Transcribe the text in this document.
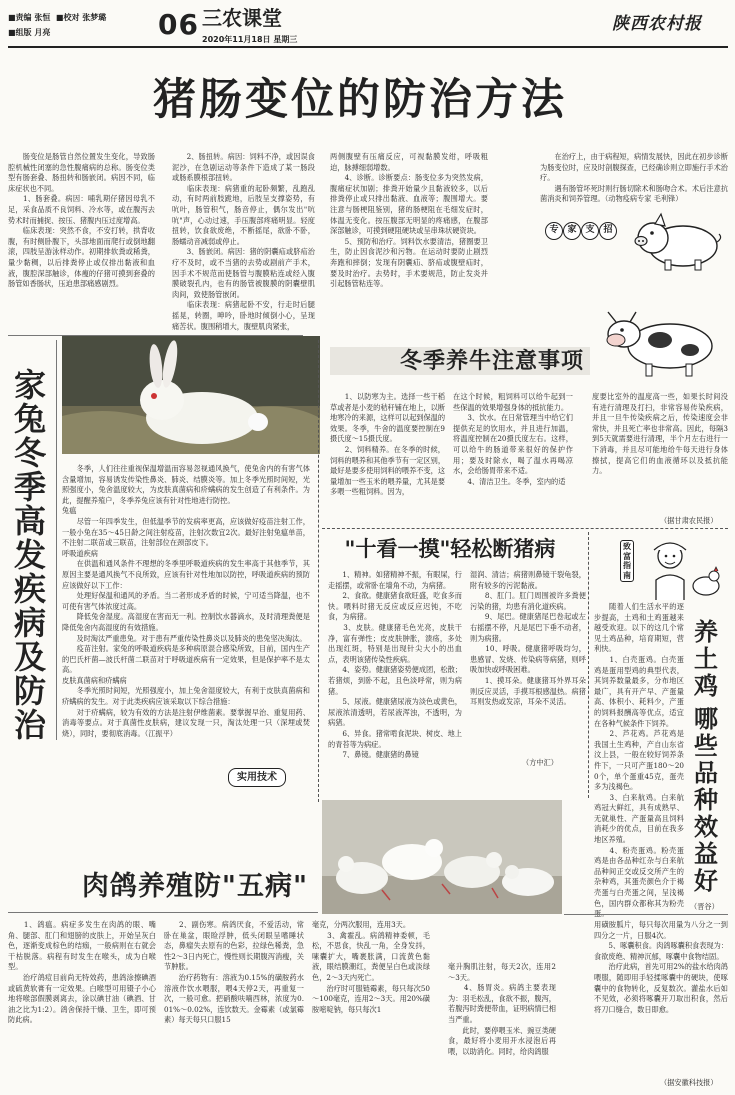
■责编 张恒 ■校对 张梦璐
■组版 月亮	06 三农课堂
2020年11月18日 星期三
陕西农村报
猪肠变位的防治方法
　　肠变位是肠管自然位置发生变化，导致肠腔机械性闭塞的急性腹痛病的总称。肠变位类型有肠套叠、肠扭转和肠嵌闭。病因不同，临床症状也不同。
　　1、肠套叠。病因：哺乳期仔猪因母乳不足，采食品质不良饲料、冷水等，或在腹泻去势术时而捕捉、按压、猪腹内压过度增高。
　　临床表现：突然不食，不安打转，拱背收腹，有时侧卧腹下，头部地面而爬行或倒地翻滚，四肢呈游泳样动作。初期排软粪或稀粪，量少黏稠，以后排粪停止或仅排出黏液和血液，腹腔深部触诊，体瘦的仔猪可摸到套叠的肠管如香肠状，压迫患部痛感剧烈。
　　2、肠扭转。病因：饲料不净，或因误食泥沙，在急剧运动等条件下造成了某一肠段或肠系膜根部扭转。
　　临床表现：病猪重的起卧频繁，乱跑乱动，有时两前肢跪地，后肢呈支撑姿势，有吭叶，肠管积气，肠音停止，偶尔发出"吭吭"声，心动过速，手压腹部疼痛明显。轻度扭转，饮食欲废绝，不断摇尾，欲卧不卧，肠蠕动音减弱或停止。
　　3、肠嵌闭。病因：猪的阴囊疝或脐疝治疗不及时，或不当猪的去势或剧前产手术，因手术不规范而使肠管与腹膜粘连或经入腹膜破裂孔内，也有的肠管被腹膜的阴囊壁肌肉间，致使肠管嵌闭。
　　临床表现：病猪起卧不安，行走时后腿摇晃，转圈，呻吟，卧地时倾倒小心，呈现痛苦状。腹围稍增大，腹壁肌肉紧张，
两侧腹壁有压痛反应，可视黏膜发绀，呼吸粗迫，脉搏细弱增数。
　　4、诊断。诊断要点：肠变位多为突然发病，腹痛症状加剧；排粪开始量少且黏液较多，以后排粪停止或只排出黏液、血液等；腹围增大。要注意与肠梗阻鉴别，猪的肠梗阻在毛细发症时，体温无变化。按压腹部无明显的疼痛感，在腹部深部触诊，可摸到硬阻硬块或呈串珠状硬资块。
　　5、预防和治疗。饲料饮水要清洁，猪圈要卫生，防止因食泥沙和污物。在运动时要防止剧烈奔跑和摔倒；发现有阴囊疝、脐疝或腹壁疝时，要及时治疗。去势时，手术要规范，防止发炎并引起肠管粘连等。
　　在治疗上，由于病程短，病情发展快，因此在初步诊断为肠变位时，应及时剖腹探查，已经确诊则立即施行手术治疗。
　　遇有肠管坏死时则行肠切除术和肠吻合术。术后注意抗菌消炎和饲养管理。（动物疫病专家 毛利锋）
专 家 支 招
家
兔
冬
季
高
发
疾
病
及
防
治
　　冬季，人们往往重视保温增温而容易忽视通风换气，使兔舍内的有害气体含量增加，容易诱发传染性鼻炎、肺炎、结膜炎等。加上冬季光照时间短，光照强度小，兔舍温度较大，为皮肤真菌病和疥螨病的发生创造了有利条件。为此，提醒养殖户，冬季养兔应该有针对性地进行防控。
兔瘟
　　尽管一年四季发生，但低温季节的发病率更高，应该做好疫苗注射工作，一般小兔在35～45日龄之间注射疫苗，注射次数宜2次。最好注射兔瘟单苗，不注射二联苗或三联苗，注射部位在颈部皮下。
呼吸道疾病
　　在供温和通风条件不理想的冬季里呼吸道疾病的发生率高于其他季节，其原因主要是通风换气不良所致，应该有针对性地加以防控，呼吸道疾病的预防应该做好以下工作：
　　处理好保温和通风的矛盾。当二者形成矛盾的时候，宁可适当降温，也不可使有害气体浓度过高。
　　降低兔舍湿度。高湿度在害而无一利。控制饮水器滴水，及时清理粪便是降低兔舍内高湿度的有效措施。
　　及时淘汰严重患兔。对于患有严重传染性鼻炎以及肺炎的患兔坚决淘汰。
　　疫苗注射。家兔的呼吸道疾病是多种病原混合感染所致，目前，国内生产的巴氏杆菌—波氏杆菌二联苗对于呼吸道疾病有一定效果，但是保护率不是太高。
皮肤真菌病和疥螨病
　　冬季光照时间短，光照强度小，加上兔舍湿度较大，有利于皮肤真菌病和疥螨病的发生。对于此类疾病应该采取以下综合措施：
　　对于疥螨病，较为有效的方法是注射伊维菌素。要掌握早治、重复用药、消毒等要点。对于真菌性皮肤病，建议发现一只，淘汰处理一只（深埋或焚烧），同时，要彻底消毒。（江振平）
实用技术
冬季养牛注意事项
　　1、以防寒为主。选择一些干稻草或者是小麦的秸秆铺在地上，以断地寒冷的来源，这样可以起到保温的效果。冬季，牛舍的温度要控制在9摄氏度～15摄氏度。
　　2、饲料精养。在冬季的时候，饲料的喂养和其他季节有一定区别，最好是要多使用饲料的喂养不变，这量增加一些玉米的喂养量，尤其是要多喂一些粗饲料。因为，
在这个时候，粗饲料可以给牛起到一些保温的效果增强身体的抵抗能力。
　　3、饮水。在日常管理当中给它们提供充足的饮用水，并且进行加温，将温度控制在20摄氏度左右。这样，可以给牛的肠道带来很好的保护作用；要及时除水，喝了温水再喝凉水，会给肠胃带来不适。
　　4、清洁卫生。冬季，室内的适
度要比室外的温度高一些，如果长时间没有进行清理及打扫，非常容易传染疾病，并且一旦牛传染疾病之后，传染速度会非常快，并且死亡率也非常高。因此，每隔3到5天就需要进行清理，半个月左右进行一下消毒，并且尽可能地给牛每天进行身体擦拭，提高它们的血液循环以及抵抗能力。
（据甘肃农民报）
"十看一摸"轻松断猪病
　　1、精神。如猪精神不振，有眼屎，行走摇摆，或常卧在墙角不动，为病猪。
　　2、食欲。健康猪食欲旺盛，吃食多而快。喂料时猪无反应或反应迟钝，不吃食，为病猪。
　　3、皮肤。健康猪毛色光亮，皮肤干净，富有弹性；皮皮肤肿胀，溃疡，多处出现红斑，特别是出现针尖大小的出血点，表明该猪传染性疾病。
　　4、姿势。健康猪姿势便成团，松散；若猪烦，到卧不起，且色淡呼常，则为病猪。
　　5、尿液。健康猪尿液为淡色或黄色，尿液浓清透明，若尿液浑浊，不透明，为病猪。
　　6、异食。猪常啃食泥块、树皮、地上的青苔等为病症。
　　7、鼻镜。健康猪的鼻镜
湿润、清洁；病猪则鼻镜干裂龟裂，附有较多的污泥黏液。
　　8、肛门。肛门周围被许多粪便污染的猪，均患有消化道疾病。
　　9、尾巴。健康猪尾巴卷起或左右摇摆不停，凡是尾巴下垂不动者，则为病猪。
　　10、呼吸。健康猪呼吸均匀，患感冒、发烧、传染病等病猪，则呼吸加快或呼吸困难。
　　1、摸耳朵。健康猪耳外界耳朵则反应灵活，手摸耳根感温热。病猪耳则发热或发凉，耳朵不灵活。
（方中汇）
致
富
指
南
养
土
鸡
哪
些
品
种
效
益
好
　　随着人们生活水平的逐步提高，土鸡和土鸡蛋越来越受欢迎。以下的这几个常见土鸡品种，培育期短，营利快。
　　1、白壳蛋鸡。白壳蛋鸡是蛋用型鸡的典型代表，其饲养数量最多，分布地区最广，具有开产早、产蛋量高、体积小、耗料少，产蛋的饲料报酬高等优点，适宜在各种气候条件下饲养。
　　2、芦花鸡。芦花鸡是我国土生鸡种，产自山东省汶上县，一般在较好饲养条件下，一只可产蛋180～200个，单个蛋重45克，蛋壳多为浅褐色。
　　3、白来航鸡。白来航鸡冠大鲜红，具有成熟早、无就巢性、产蛋量高且饲料消耗少的优点，目前在我多地区养殖。
　　4、粉壳蛋鸡。粉壳蛋鸡是由各品种红杂与白来航品种间正交或反交所产生的杂种鸡，其蛋壳颜色介于褐壳蛋与白壳蛋之间，呈浅褐色，国内群众都称其为粉壳蛋。
（晋谷）
肉鸽养殖防"五病"
　　1、鸽瘟。病症多发生在肉鸽的眼、嘴角、腿部、肛门和翅膀的皮肤上，开始呈灰白色，逐渐变成棕色的结痂，一般病则在右就会干枯脱落。病程有时发生在喉头，成为白喉型。
　　治疗鸽痘目前尚无特效药，患鸽涂擦碘酒或硫黄软膏有一定效果。白喉型可用镊子小心地将喉部假膜剥离去，涂以碘甘油（碘酒、甘油之比为1:2）。鸽舍保持干燥、卫生，即可预防此病。
　　2、副伤寒。病鸽厌食，不爱活动，常卧在巢盆，眼睑浮肿，低头闭眼呈嗜睡状态，鼻瘤失去原有的色彩，拉绿色稀粪，急性2～3日内死亡，慢性则长期腹泻消瘦，关节肿胀。
　　治疗药物有：溶液为0.15%的磺胺药水溶液作饮水喂服，喂4天停2天，再重复一次，一般可愈。把硝酸呋喃西林，浓度为0.01%～0.02%，连饮数天。金霉素（或氯霉素）每天每只口服15
毫克，分两次服用，连用3天。
　　3、禽霍乱。病鸽精神委顿，毛松，不思食，快乱一角，全身发抖，嗉囊扩大，嘴裹胀满，口流黄色黏液，眼结膜潮红，粪便呈白色或淡绿色，2～3天内死亡。
　　治疗时可服链霉素，每只每次50～100毫克，连用2～3天。用20%磺胺嘧啶钠，每只每次1
毫升胸肌注射，每天2次，连用2～3天。
　　4、肠胃炎。病鸽主要表现为：羽毛松乱，食欲不振，腹泻，若腹泻时粪便带血，证明病情已相当严重。
　　此时，要停喂玉米、豌豆类硬食，最好将小麦用开水浸泡后再喂，以助消化。同时，给肉鸽服
用磺胺胍片，每只每次用量为八分之一到四分之一片，日服4次。
　　5、啄囊积食。肉鸽啄囊积食表现为：食欲废绝、精神沉郁，啄囊中食物结固。
　　治疗此病，首先可用2%的盐水给肉鸽喂服，随即用手轻揉啄囊中的硬块，使啄囊中的食物转化，反复数次。灌盐水后如不见效，必须将啄囊开刀取出积食，然后将刀口缝合，数日即愈。
（据安徽科技报）
